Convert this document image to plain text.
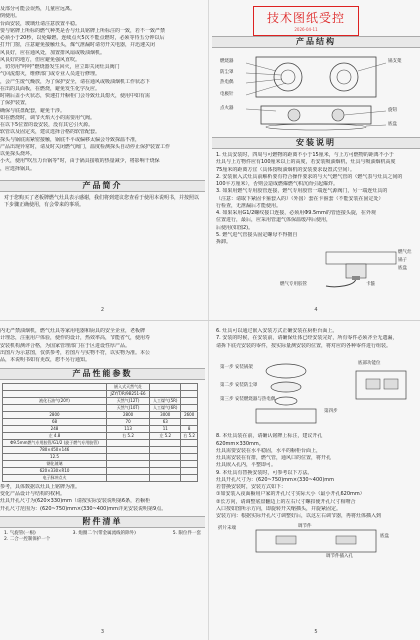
及部分可能会误热，儿童应远离。
倒使用。
台面安装，玻璃灶请注意放置平稳。
要与铭牌上所标的燃气种类是否与灶具铭牌上所标注的一致，若不一致严禁
必须小于20秒，以免爆燃。连续点火5次不能点燃时，必须等待五分钟以后
打开门窗，注意避免接触灶头，煤气泄漏时请勿开关电器，并迅速关闭
风良好，应在通风处，加置排风扇或吸油烟机。
风良好的地方，但应避免强风直吹。
，切勿用"呼呼"燃烧器发生回火，应立即关闭灶具阀门
气回流熄灭，维修部门或专业人员进行修理。
，会产生废气燥放，为了保护安全，请在通风或吸油烟机工作状态下
在出的具面板，在燃烧，避免发生化学反应。
时期后盖小火状态，快速打开橱柜门会导致灶具熄火，使用中如有需
了保护装置，
确保与底盘配套，避免干涉。
如在燃烧时，调节火焰大小的需要用气阀。
在以下5位置的设安装，没有其它引火源。
软管以及固定夹，建议选择合格的软管配套。
探头与锅底需紧密接触，锅底不平或偏移太偏会导致探温不准，
产品出现异常时，请及时关闭燃气阀门，温度检测探头自动停止保护装置工作
以免探头烧坏。
小火，使用"吹压力台锅等"时，由于锅具接收的热量减少，将影响干烧保
，应选择锅具。
产品简介
对于您购买了老板牌燃气灶具表示感谢，我们将到建议您查看于使用本说明书，并按照以下步骤正确使用，有会带来的事项。
2
技术图纸受控
2026-04-11
产品结构
燃烧器
防尘罩
热电偶
电极针
点火器
锅支架
旋钮
底盘
安装说明
1. 灶具安装时，四周与可燃物的距离不小于15厘米，与上方可燃物的距离不小于
灶具与上方物件应有100厘米以上的高度，若安装吸油烟机，灶具与吸油烟机高度
75厘米的距离方宜（具体按吸油烟机的安装要求设置式空间）。
2. 安装嵌入式灶具前解析要有符合操作要求的与大气燃气管的（燃气表与灶具之间的
100平方厘米），否则会造成燃爆燃气积沉而引起爆炸。
3. 如果用燃气专用胶管连接，燃气专用胶管一端连气源阀门，另一端连灶具的
（注意：请取下紧固卡箍套入的）（外国）套在卡箍套（不能安装在固定处）
行检查，无泄漏后才能使用。
4. 如果采用G1/2螺纹接口连接，必须用Φ9.5mm的管连接头旋，在外观
位置进行，最后，应采用管道气体保温缓冲后使用，
后使用(如图2)。
5. 燃气进气管接头固定螺母不得擅自
拆卸。
燃气灶
锅子
底盘
燃气专用胶管	卡箍
4
内无严禁油烟机，燃气灶具等家用电器和厨具的安全企业，老板牌
计理念，注重用户体验，使作的设计，热效率高，节能省气，使用寿
安装机构测评合格，为国家管理部门在于区进设性厚产品。
出图片为示意图，仅供参考，若图片与实物不符，以实物为准。本公
品，本说明书如有更改，恕不另行通知。
产品性能参数
	嵌入式天然气灶		
	JZY/T/R/9B251-E6		
液化石油气(20Y)	天然气(12T)	人工煤气(5R)	
	天然气(10T)	人工煤气(6R)	
2800	2800	3000	2600
68	70	63	
248	113	11	8
左 4.8	右 5.2	左 5.2	右 5.2
Φ9.5mm燃气专用胶管/G1/2 (旋于燃气专用胶管)			
780×450×146			
12.5			
钢化玻璃			
620×330×R10			
电子脉冲点火			
参考，具体数据以灶具上铭牌为准。
变化产品设计与结构的权利。
灶具开孔尺寸为(620×330)mm（请按实际安装说明第6条，若橱柜
开孔尺寸范围为：(620~750)mm×(330~400)mm详见安装说明第9点。
附件清单
1. 气旋管(一根)	3. 炮圈二个(带金属流线的除外)	5. 限位件一套
2. 二合一控制保护一个
3
6. 灶具可以通过嵌入安装方式正确安装在厨柜台面上。
7. 安装的时候，在安装前，请确保灶体已经安装完好，所有零件必须齐全无遗漏，
请拆下底壳安装的零件，按实际量测安装的位置，将对应的各种零件进行组装。
第一步 安装锅架
第二步 安装防尘罩
第三步 安装燃烧器与热电偶
底部功能位
第四步
8. 本灶具装在前，请确认铭牌上标注，建议开孔
620mm×330mm。
灶具需要安装在水平稳固，水平的橱柜台面上，
灶具需安装在有排，燃气管，通风口的位置，将开孔
灶具嵌入孔内，平整即可。
9. 本灶具有替换安装时，可参考以下方法。
灶具开孔尺寸为：(620~750)mm×(330~400)mm
若替换安装时，安装方式如下：
①如安装入夜面橱用户家的开孔尺寸实际大小（最小开孔620mm）
②长方向，请调整底盘翻边上的左右尺寸螺扣使开孔尺寸相吻合
入口按如图所示方向，即旋转开关缩插头，并旋紧固定。
安装方向：根据实际开孔尺寸调整好后，以这左右调节器，再将灶体插入到
折片末端	调节件
调节件插入孔
底盘
5
